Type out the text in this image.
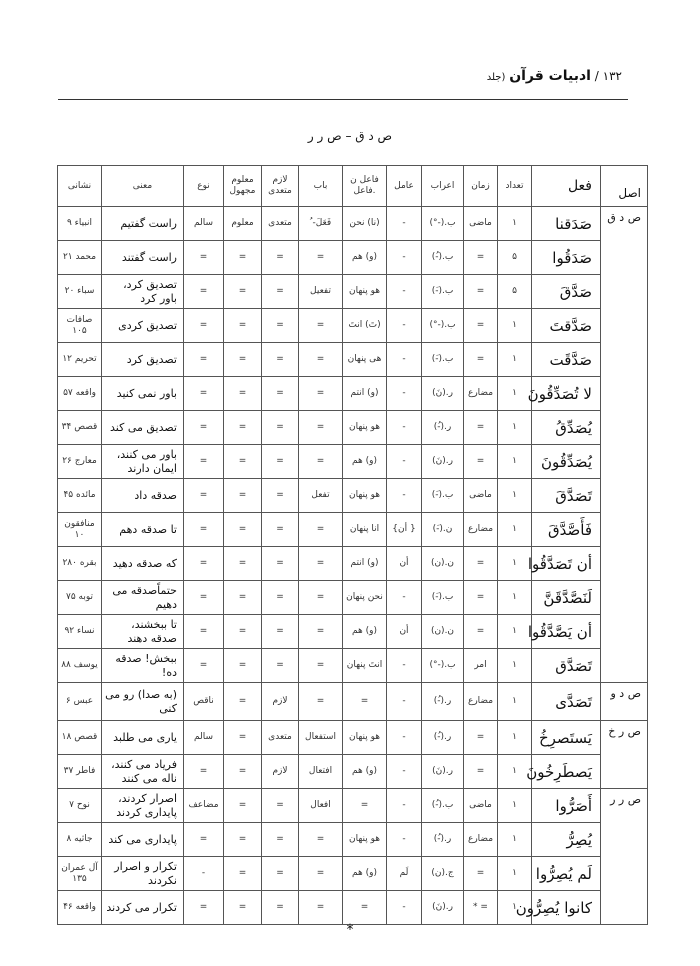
۱۳۲ / ادبیات قرآن (جلد
ص د ق – ص ر ر
اصل	فعل	تعداد	زمان	اعراب	عامل	فاعل ن .فاعل	باب	لازم متعدی	معلوم مجهول	نوع	معنی	نشانی
ص د ق	صَدَقنا	۱	ماضی	ب.(-°)	-	(نا) نحن	فَعَلَ- ُ	متعدی	معلوم	سالم	راست گفتیم	انبیاء ۹
	صَدَقُوا	۵	=	ب.(-ُ)	-	(و) هم	=	=	=	=	راست گفتند	محمد ۲۱
	صَدَّقَ	۵	=	ب.(-َ)	-	هو پنهان	تفعیل	=	=	=	تصدیق کرد، باور کرد	سباء ۲۰
	صَدَّقتَ	۱	=	ب.(-°)	-	(تَ) انتَ	=	=	=	=	تصدیق کردی	صافات ۱۰۵
	صَدَّقَت	۱	=	ب.(-َ)	-	هی پنهان	=	=	=	=	تصدیق کرد	تحریم ۱۲
	لا تُصَدِّقُونَ	۱	مضارع	ر.(نَ)	-	(و) انتم	=	=	=	=	باور نمی کنید	واقعه ۵۷
	يُصَدِّقُ	۱	=	ر.(-ُ)	-	هو پنهان	=	=	=	=	تصدیق می کند	قصص ۳۴
	يُصَدِّقُونَ	۱	=	ر.(نَ)	-	(و) هم	=	=	=	=	باور می کنند، ایمان دارند	معارج ۲۶
	تَصَدَّقَ	۱	ماضی	ب.(-َ)	-	هو پنهان	تفعل	=	=	=	صدقه داد	مائده ۴۵
	فَأَصَّدَّقَ	۱	مضارع	ن.(-َ)	{ أن}	انا پنهان	=	=	=	=	تا صدقه دهم	منافقون ۱۰
	أن تَصَدَّقُوا	۱	=	ن.(ن)	أن	(و) انتم	=	=	=	=	که صدقه دهید	بقره ۲۸۰
	لَنَصَّدَّقَنَّ	۱	=	ب.(-َ)	-	نحن پنهان	=	=	=	=	حتماًصدقه می دهیم	توبه ۷۵
	أن يَصَّدَّقُوا	۱	=	ن.(ن)	أن	(و) هم	=	=	=	=	تا ببخشند، صدقه دهند	نساء ۹۲
	تَصَدَّق	۱	امر	ب.(-°)	-	انتَ پنهان	=	=	=	=	ببخش! صدقه ده!	یوسف ۸۸
ص د و	تَصَدَّى	۱	مضارع	ر.(-ُ)	-	=	=	لازم	=	ناقص	(به صدا) رو می کنی	عبس ۶
ص ر خ	يَستَصرِخُ	۱	=	ر.(-ُ)	-	هو پنهان	استفعال	متعدی	=	سالم	یاری می طلبد	قصص ۱۸
	يَصطَرِخُونَ	۱	=	ر.(نَ)	-	(و) هم	افتعال	لازم	=	=	فریاد می کنند، ناله می کنند	فاطر ۳۷
ص ر ر	أَصَرُّوا	۱	ماضی	ب.(-ُ)	-	=	افعال	=	=	مضاعف	اصرار کردند، پایداری کردند	نوح ۷
	يُصِرُّ	۱	مضارع	ر.(-ُ)	-	هو پنهان	=	=	=	=	پایداری می کند	جاثیه ۸
	لَم يُصِرُّوا	۱	=	ج.(ن)	لَم	(و) هم	=	=	=	-	تکرار و اصرار نکردند	آل عمران ۱۳۵
	كانوا يُصِرُّون	۱	= *	ر.(نَ)	-	=	=	=	=	=	تکرار می کردند	واقعه ۴۶
*
